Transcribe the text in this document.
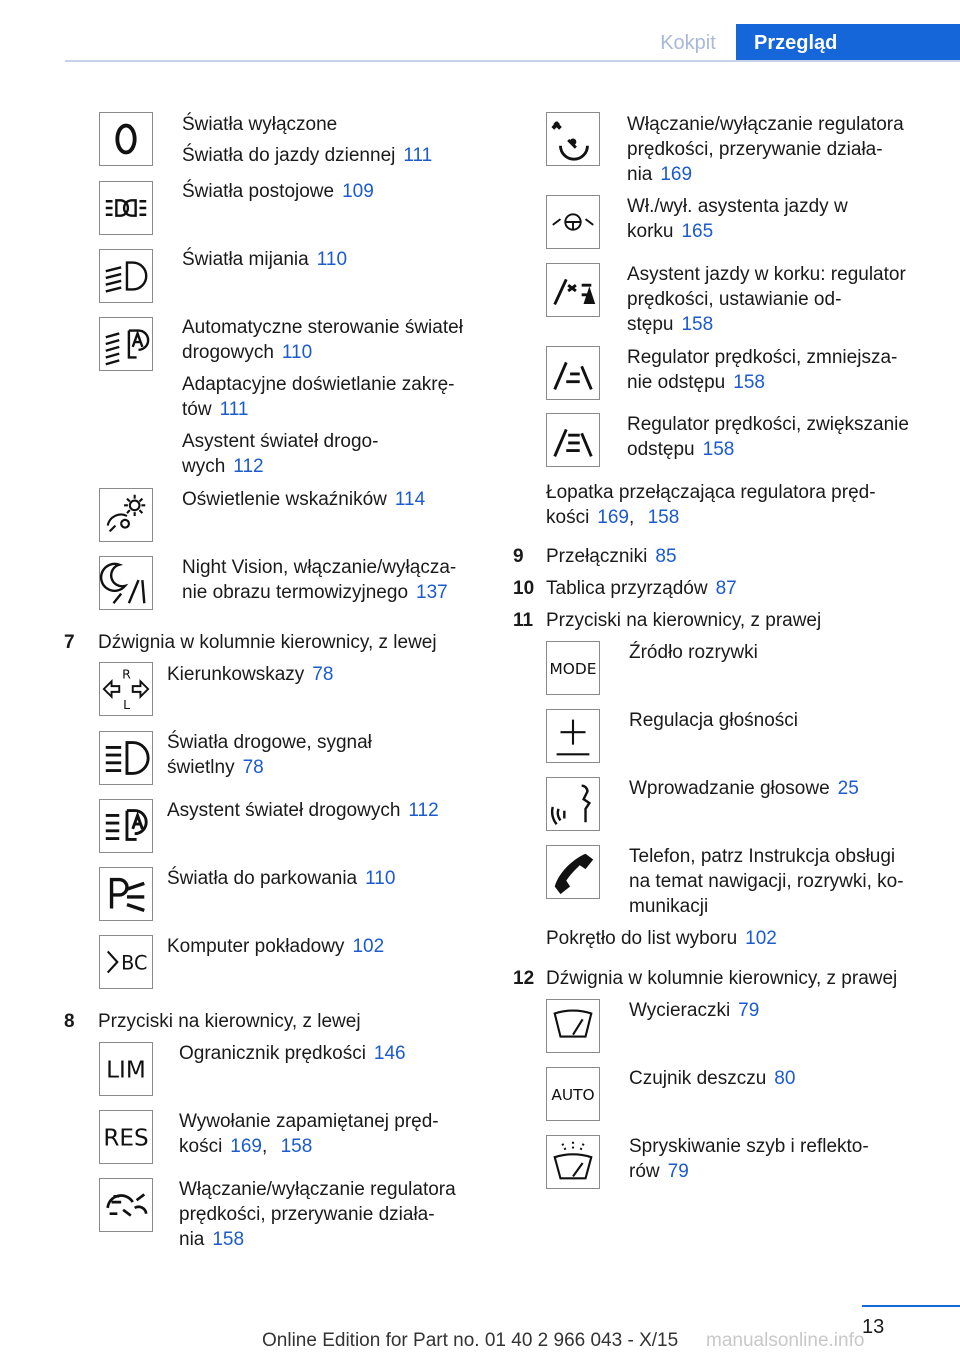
Kokpit	Przegląd
Światła wyłączone
Światła do jazdy dziennej 111
Światła postojowe 109
Światła mijania 110
Automatyczne sterowanie świateł
drogowych 110
Adaptacyjne doświetlanie zakrę-
tów 111
Asystent świateł drogo-
wych 112
Oświetlenie wskaźników 114
Night Vision, włączanie/wyłącza-
nie obrazu termowizyjnego 137
7 Dźwignia w kolumnie kierownicy, z lewej
R
L
Kierunkowskazy 78
Światła drogowe, sygnał
świetlny 78
Asystent świateł drogowych 112
Światła do parkowania 110
BC
Komputer pokładowy 102
8 Przyciski na kierownicy, z lewej
LIM
Ogranicznik prędkości 146
RES
Wywołanie zapamiętanej pręd-
kości 169, 158
Włączanie/wyłączanie regulatora
prędkości, przerywanie działa-
nia 158
Włączanie/wyłączanie regulatora
prędkości, przerywanie działa-
nia 169
Wł./wył. asystenta jazdy w
korku 165
Asystent jazdy w korku: regulator
prędkości, ustawianie od-
stępu 158
Regulator prędkości, zmniejsza-
nie odstępu 158
Regulator prędkości, zwiększanie
odstępu 158
Łopatka przełączająca regulatora pręd-
kości 169, 158
9 Przełączniki 85
10 Tablica przyrządów 87
11 Przyciski na kierownicy, z prawej
MODE
Źródło rozrywki
Regulacja głośności
Wprowadzanie głosowe 25
Telefon, patrz Instrukcja obsługi
na temat nawigacji, rozrywki, ko-
munikacji
Pokrętło do list wyboru 102
12 Dźwignia w kolumnie kierownicy, z prawej
Wycieraczki 79
AUTO
Czujnik deszczu 80
Spryskiwanie szyb i reflekto-
rów 79
13
Online Edition for Part no. 01 40 2 966 043 - X/15 manualsonline.info
